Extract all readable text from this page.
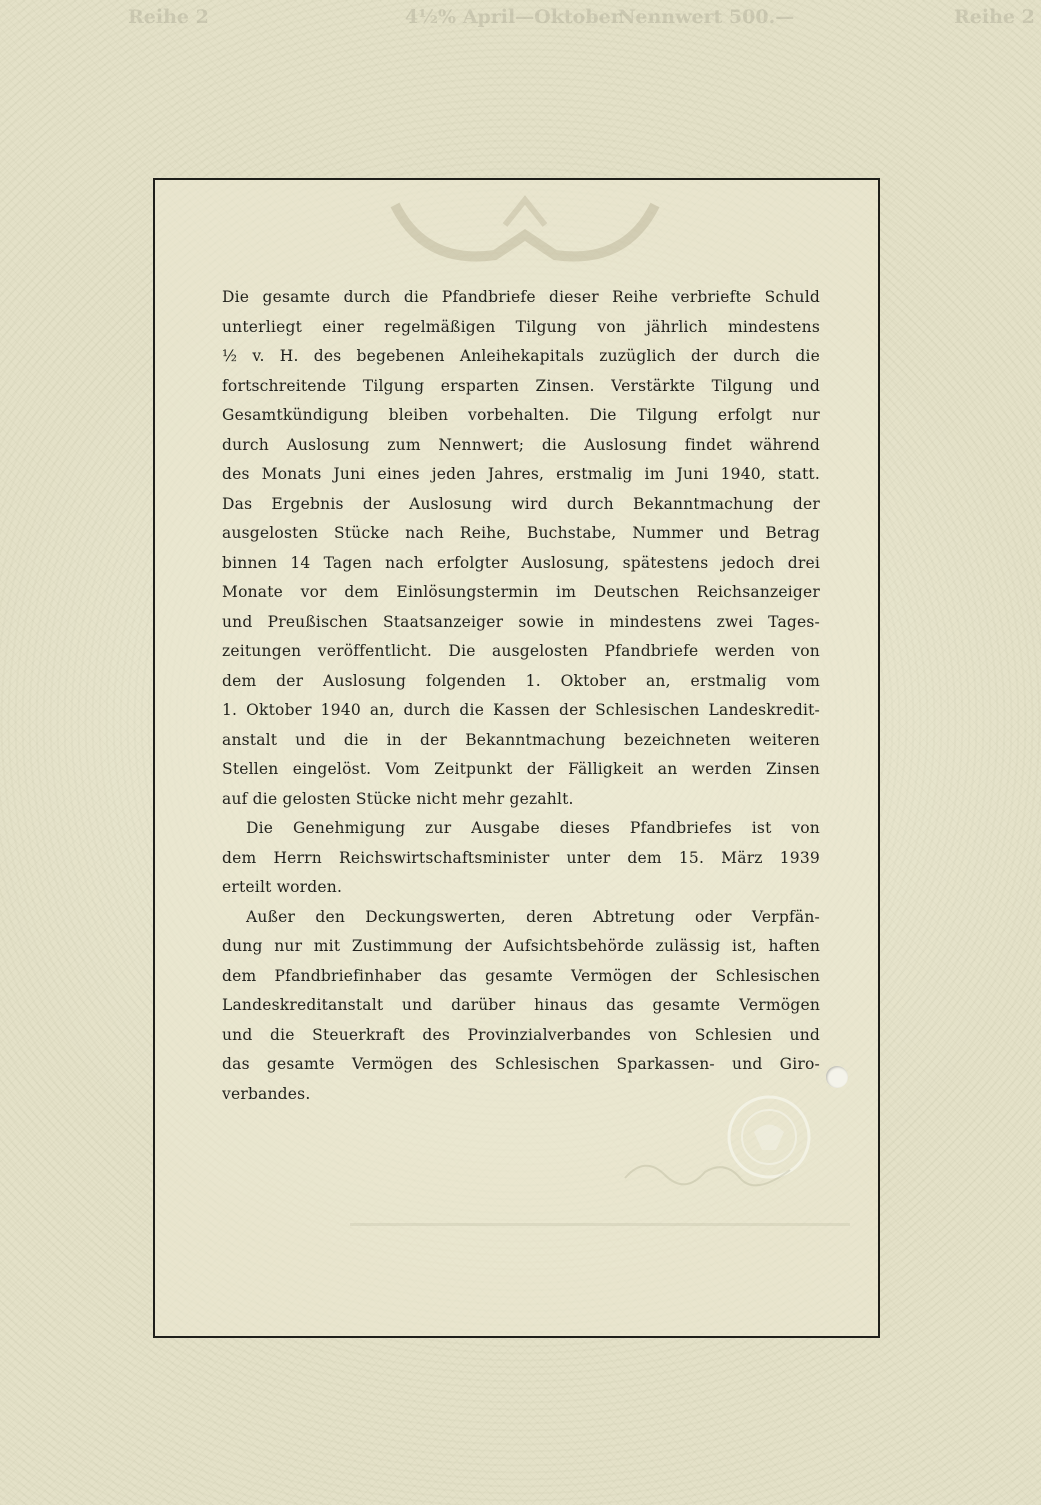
Reihe 2	4½% April—Oktober
Nennwert 500.—	Reihe 2
Die gesamte durch die Pfandbriefe dieser Reihe verbriefte Schuld
unterliegt einer regelmäßigen Tilgung von jährlich mindestens
½ v. H. des begebenen Anleihekapitals zuzüglich der durch die
fortschreitende Tilgung ersparten Zinsen. Verstärkte Tilgung und
Gesamtkündigung bleiben vorbehalten. Die Tilgung erfolgt nur
durch Auslosung zum Nennwert; die Auslosung findet während
des Monats Juni eines jeden Jahres, erstmalig im Juni 1940, statt.
Das Ergebnis der Auslosung wird durch Bekanntmachung der
ausgelosten Stücke nach Reihe, Buchstabe, Nummer und Betrag
binnen 14 Tagen nach erfolgter Auslosung, spätestens jedoch drei
Monate vor dem Einlösungstermin im Deutschen Reichsanzeiger
und Preußischen Staatsanzeiger sowie in mindestens zwei Tages-
zeitungen veröffentlicht. Die ausgelosten Pfandbriefe werden von
dem der Auslosung folgenden 1. Oktober an, erstmalig vom
1. Oktober 1940 an, durch die Kassen der Schlesischen Landeskredit-
anstalt und die in der Bekanntmachung bezeichneten weiteren
Stellen eingelöst. Vom Zeitpunkt der Fälligkeit an werden Zinsen
auf die gelosten Stücke nicht mehr gezahlt.
Die Genehmigung zur Ausgabe dieses Pfandbriefes ist von
dem Herrn Reichswirtschaftsminister unter dem 15. März 1939
erteilt worden.
Außer den Deckungswerten, deren Abtretung oder Verpfän-
dung nur mit Zustimmung der Aufsichtsbehörde zulässig ist, haften
dem Pfandbriefinhaber das gesamte Vermögen der Schlesischen
Landeskreditanstalt und darüber hinaus das gesamte Vermögen
und die Steuerkraft des Provinzialverbandes von Schlesien und
das gesamte Vermögen des Schlesischen Sparkassen- und Giro-
verbandes.
